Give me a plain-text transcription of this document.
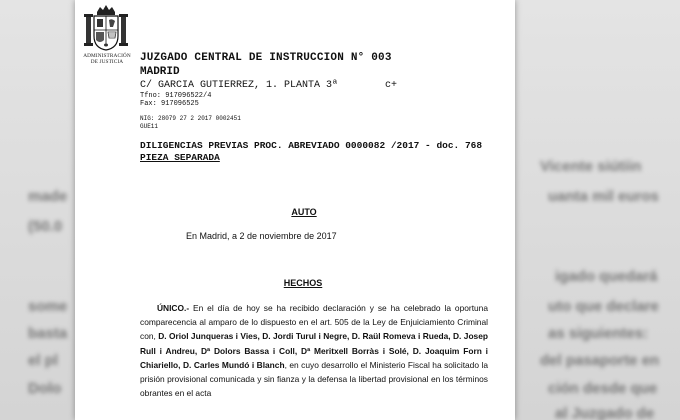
Vicente siútiin
made	uanta mil euros
(50.0
igado quedará
some	uto que declare
basta	as siguientes:
el pl	del pasaporte en
Dolo	ción desde que
al Juzgado de
ADMINISTRACIÓN
DE JUSTICIA	JUZGADO CENTRAL DE INSTRUCCION N° 003
MADRID
C/ GARCIA GUTIERREZ, 1. PLANTA 3ª	c+
Tfno: 917096522/4
Fax: 917096525
NIG: 28079 27 2 2017 0002451
GUE11
DILIGENCIAS PREVIAS PROC. ABREVIADO 0000082 /2017 - doc. 768
PIEZA SEPARADA
AUTO
En Madrid, a 2 de noviembre de 2017
HECHOS

ÚNICO.- En el día de hoy se ha recibido declaración y se ha celebrado la oportuna comparecencia al amparo de lo dispuesto en el art. 505 de la Ley de Enjuiciamiento Criminal con, D. Oriol Junqueras i Vies, D. Jordi Turul i Negre, D. Raül Romeva i Rueda, D. Josep Rull i Andreu, Dª Dolors Bassa i Coll, Dª Meritxell Borràs i Solé, D. Joaquim Forn i Chiariello, D. Carles Mundó i Blanch, en cuyo desarrollo el Ministerio Fiscal ha solicitado la prisión provisional comunicada y sin fianza y la defensa la libertad provisional en los términos obrantes en el acta
